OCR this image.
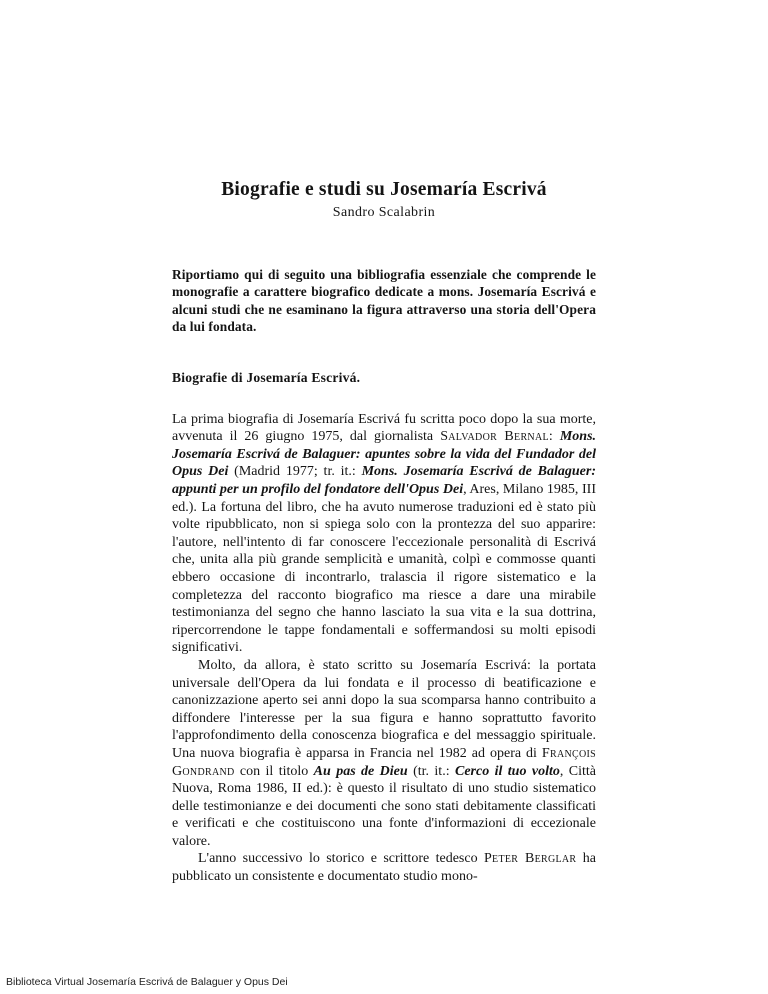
Biografie e studi su Josemaría Escrivá
Sandro Scalabrin

Riportiamo qui di seguito una bibliografia essenziale che comprende le monografie a carattere biografico dedicate a mons. Josemaría Escrivá e alcuni studi che ne esaminano la figura attraverso una storia dell'Opera da lui fondata.

Biografie di Josemaría Escrivá.

La prima biografia di Josemaría Escrivá fu scritta poco dopo la sua morte, avvenuta il 26 giugno 1975, dal giornalista Salvador Bernal: Mons. Josemaría Escrivá de Balaguer: apuntes sobre la vida del Fundador del Opus Dei (Madrid 1977; tr. it.: Mons. Josemaría Escrivá de Balaguer: appunti per un profilo del fondatore dell'Opus Dei, Ares, Milano 1985, III ed.). La fortuna del libro, che ha avuto numerose traduzioni ed è stato più volte ripubblicato, non si spiega solo con la prontezza del suo apparire: l'autore, nell'intento di far conoscere l'eccezionale personalità di Escrivá che, unita alla più grande semplicità e umanità, colpì e commosse quanti ebbero occasione di incontrarlo, tralascia il rigore sistematico e la completezza del racconto biografico ma riesce a dare una mirabile testimonianza del segno che hanno lasciato la sua vita e la sua dottrina, ripercorrendone le tappe fondamentali e soffermandosi su molti episodi significativi.

Molto, da allora, è stato scritto su Josemaría Escrivá: la portata universale dell'Opera da lui fondata e il processo di beatificazione e canonizzazione aperto sei anni dopo la sua scomparsa hanno contribuito a diffondere l'interesse per la sua figura e hanno soprattutto favorito l'approfondimento della conoscenza biografica e del messaggio spirituale. Una nuova biografia è apparsa in Francia nel 1982 ad opera di François Gondrand con il titolo Au pas de Dieu (tr. it.: Cerco il tuo volto, Città Nuova, Roma 1986, II ed.): è questo il risultato di uno studio sistematico delle testimonianze e dei documenti che sono stati debitamente classificati e verificati e che costituiscono una fonte d'informazioni di eccezionale valore.

L'anno successivo lo storico e scrittore tedesco Peter Berglar ha pubblicato un consistente e documentato studio mono-

Biblioteca Virtual Josemaría Escrivá de Balaguer y Opus Dei
